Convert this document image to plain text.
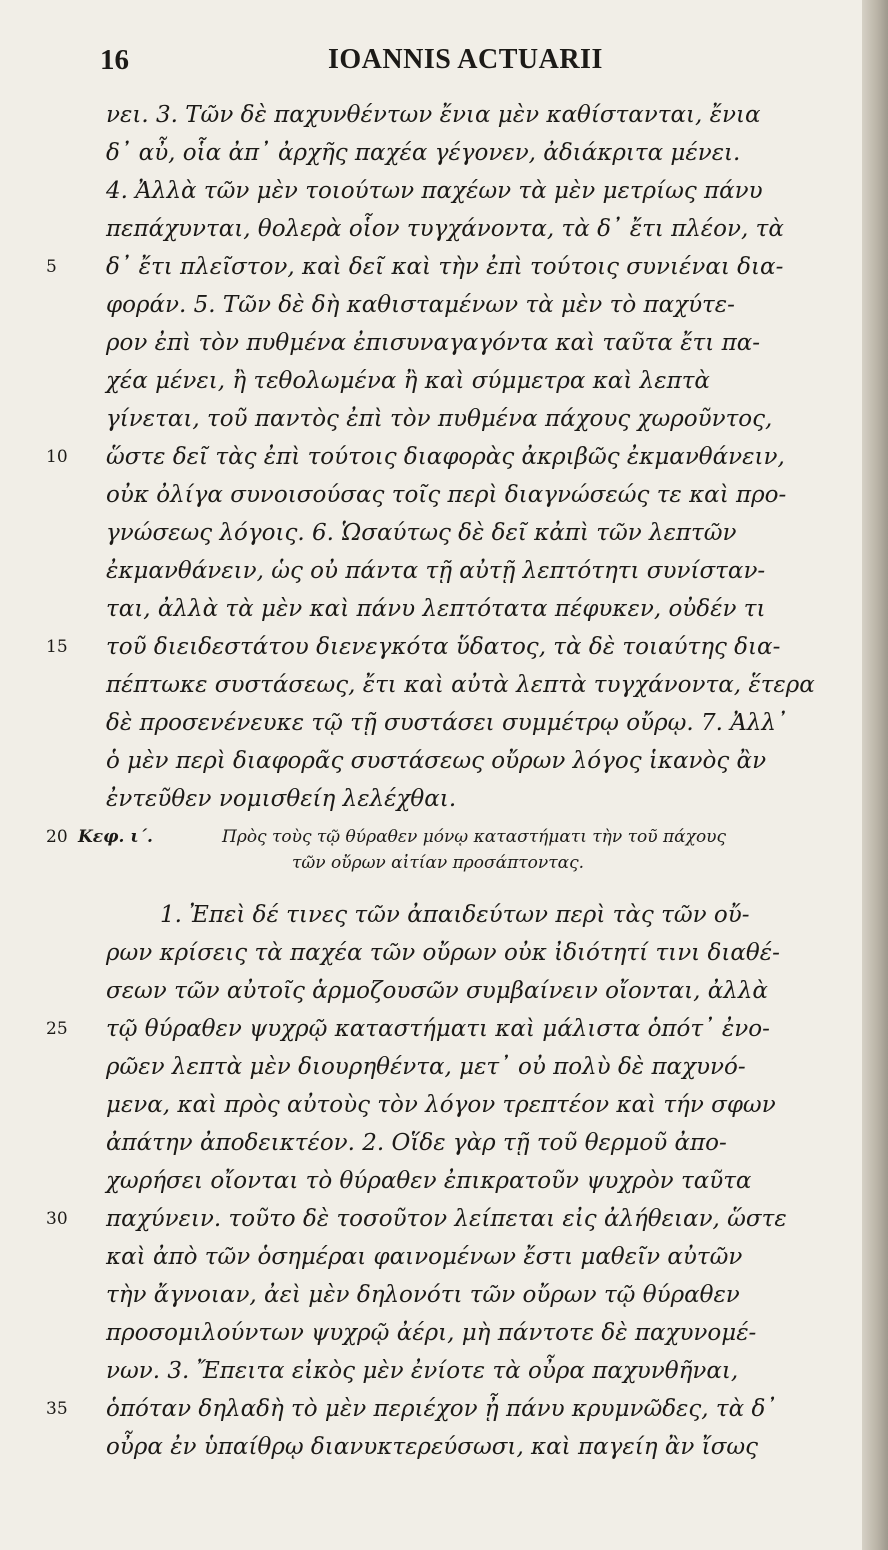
16	IOANNIS ACTUARII
νει. 3. Τῶν δὲ παχυνθέντων ἔνια μὲν καθίστανται, ἔνια
δ᾽ αὖ, οἷα ἀπ᾽ ἀρχῆς παχέα γέγονεν, ἀδιάκριτα μένει.
4. Ἀλλὰ τῶν μὲν τοιούτων παχέων τὰ μὲν μετρίως πάνυ
πεπάχυνται, θολερὰ οἷον τυγχάνοντα, τὰ δ᾽ ἔτι πλέον, τὰ
5	δ᾽ ἔτι πλεῖστον, καὶ δεῖ καὶ τὴν ἐπὶ τούτοις συνιέναι δια-
φοράν. 5. Τῶν δὲ δὴ καθισταμένων τὰ μὲν τὸ παχύτε-
ρον ἐπὶ τὸν πυθμένα ἐπισυναγαγόντα καὶ ταῦτα ἔτι πα-
χέα μένει, ἢ τεθολωμένα ἢ καὶ σύμμετρα καὶ λεπτὰ
γίνεται, τοῦ παντὸς ἐπὶ τὸν πυθμένα πάχους χωροῦντος,
10	ὥστε δεῖ τὰς ἐπὶ τούτοις διαφορὰς ἀκριβῶς ἐκμανθάνειν,
οὐκ ὀλίγα συνοισούσας τοῖς περὶ διαγνώσεώς τε καὶ προ-
γνώσεως λόγοις. 6. Ὡσαύτως δὲ δεῖ κἀπὶ τῶν λεπτῶν
ἐκμανθάνειν, ὡς οὐ πάντα τῇ αὐτῇ λεπτότητι συνίσταν-
ται, ἀλλὰ τὰ μὲν καὶ πάνυ λεπτότατα πέφυκεν, οὐδέν τι
15	τοῦ διειδεστάτου διενεγκότα ὕδατος, τὰ δὲ τοιαύτης δια-
πέπτωκε συστάσεως, ἔτι καὶ αὐτὰ λεπτὰ τυγχάνοντα, ἕτερα
δὲ προσενένευκε τῷ τῇ συστάσει συμμέτρῳ οὔρῳ. 7. Ἀλλ᾽
ὁ μὲν περὶ διαφορᾶς συστάσεως οὔρων λόγος ἱκανὸς ἂν
ἐντεῦθεν νομισθείη λελέχθαι.
20 Κεφ. ι΄.	Πρὸς τοὺς τῷ θύραθεν μόνῳ καταστήματι τὴν τοῦ πάχους
τῶν οὔρων αἰτίαν προσάπτοντας.
1. Ἐπεὶ δέ τινες τῶν ἀπαιδεύτων περὶ τὰς τῶν οὔ-
ρων κρίσεις τὰ παχέα τῶν οὔρων οὐκ ἰδιότητί τινι διαθέ-
σεων τῶν αὐτοῖς ἁρμοζουσῶν συμβαίνειν οἴονται, ἀλλὰ
25	τῷ θύραθεν ψυχρῷ καταστήματι καὶ μάλιστα ὁπότ᾽ ἐνο-
ρῶεν λεπτὰ μὲν διουρηθέντα, μετ᾽ οὐ πολὺ δὲ παχυνό-
μενα, καὶ πρὸς αὐτοὺς τὸν λόγον τρεπτέον καὶ τήν σφων
ἀπάτην ἀποδεικτέον. 2. Οἵδε γὰρ τῇ τοῦ θερμοῦ ἀπο-
χωρήσει οἴονται τὸ θύραθεν ἐπικρατοῦν ψυχρὸν ταῦτα
30	παχύνειν. τοῦτο δὲ τοσοῦτον λείπεται εἰς ἀλήθειαν, ὥστε
καὶ ἀπὸ τῶν ὁσημέραι φαινομένων ἔστι μαθεῖν αὐτῶν
τὴν ἄγνοιαν, ἀεὶ μὲν δηλονότι τῶν οὔρων τῷ θύραθεν
προσομιλούντων ψυχρῷ ἀέρι, μὴ πάντοτε δὲ παχυνομέ-
νων. 3. Ἔπειτα εἰκὸς μὲν ἐνίοτε τὰ οὖρα παχυνθῆναι,
35	ὁπόταν δηλαδὴ τὸ μὲν περιέχον ᾖ πάνυ κρυμνῶδες, τὰ δ᾽
οὖρα ἐν ὑπαίθρῳ διανυκτερεύσωσι, καὶ παγείη ἂν ἴσως
